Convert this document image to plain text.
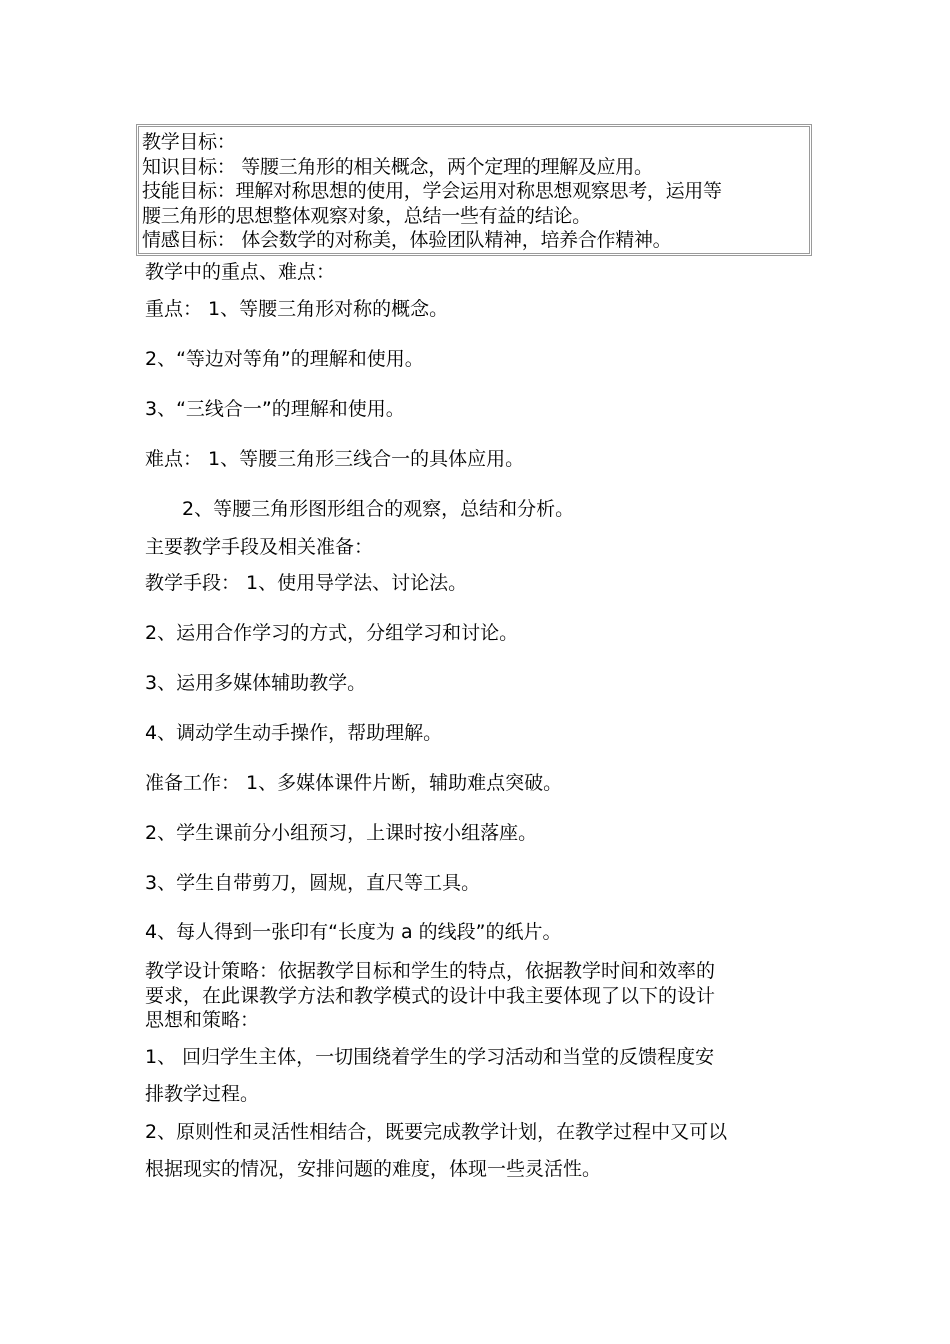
教学目标：
知识目标： 等腰三角形的相关概念，两个定理的理解及应用。
技能目标：理解对称思想的使用，学会运用对称思想观察思考，运用等
腰三角形的思想整体观察对象，总结一些有益的结论。
情感目标： 体会数学的对称美，体验团队精神，培养合作精神。
教学中的重点、难点：
重点： 1、等腰三角形对称的概念。
2、“等边对等角”的理解和使用。
3、“三线合一”的理解和使用。
难点： 1、等腰三角形三线合一的具体应用。
2、等腰三角形图形组合的观察，总结和分析。
主要教学手段及相关准备：
教学手段： 1、使用导学法、讨论法。
2、运用合作学习的方式，分组学习和讨论。
3、运用多媒体辅助教学。
4、调动学生动手操作，帮助理解。
准备工作： 1、多媒体课件片断，辅助难点突破。
2、学生课前分小组预习，上课时按小组落座。
3、学生自带剪刀，圆规，直尺等工具。
4、每人得到一张印有“长度为 a 的线段”的纸片。
教学设计策略：依据教学目标和学生的特点，依据教学时间和效率的
要求，在此课教学方法和教学模式的设计中我主要体现了以下的设计
思想和策略：
1、 回归学生主体，一切围绕着学生的学习活动和当堂的反馈程度安
排教学过程。
2、原则性和灵活性相结合，既要完成教学计划，在教学过程中又可以
根据现实的情况，安排问题的难度，体现一些灵活性。
